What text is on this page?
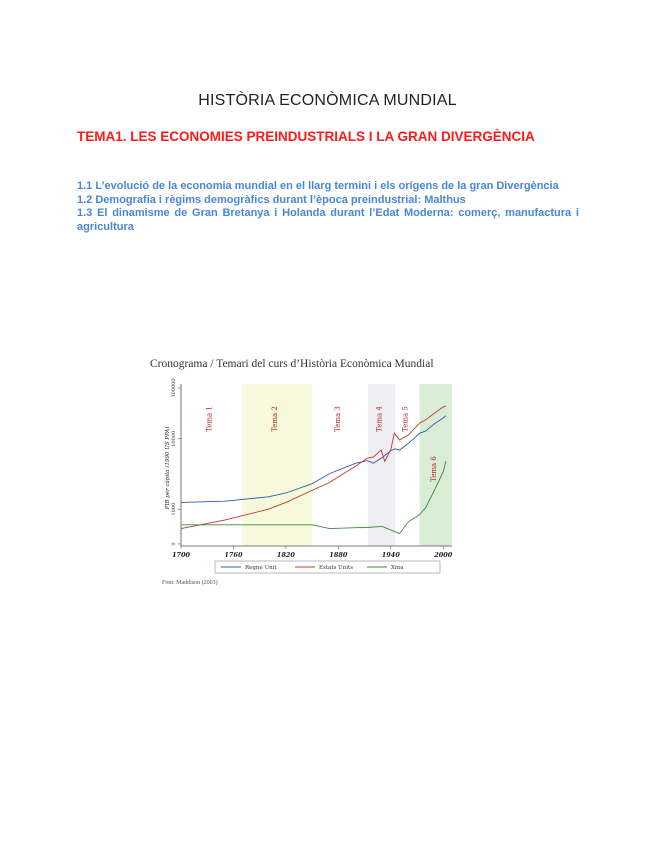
HISTÒRIA ECONÒMICA MUNDIAL
TEMA1. LES ECONOMIES PREINDUSTRIALS I LA GRAN DIVERGÈNCIA
1.1 L’evolució de la economia mundial en el llarg termini i els orígens de la gran Divergència
1.2 Demografia i règims demogràfics durant l’època preindustrial: Malthus
1.3 El dinamisme de Gran Bretanya i Holanda durant l’Edat Moderna: comerç, manufactura i agricultura
Cronograma / Temari del curs d’Història Econòmica Mundial
Tema 1	Tema 2	Tema 3	Tema 4	Tema 5
Tema 6
0
1000
10000
100000
PIB per càpita (1990 US PPA)
1700	1760	1820	1880	1940	2000
Regne Unit	Estats Units	Xina
Font: Maddison (2003)
